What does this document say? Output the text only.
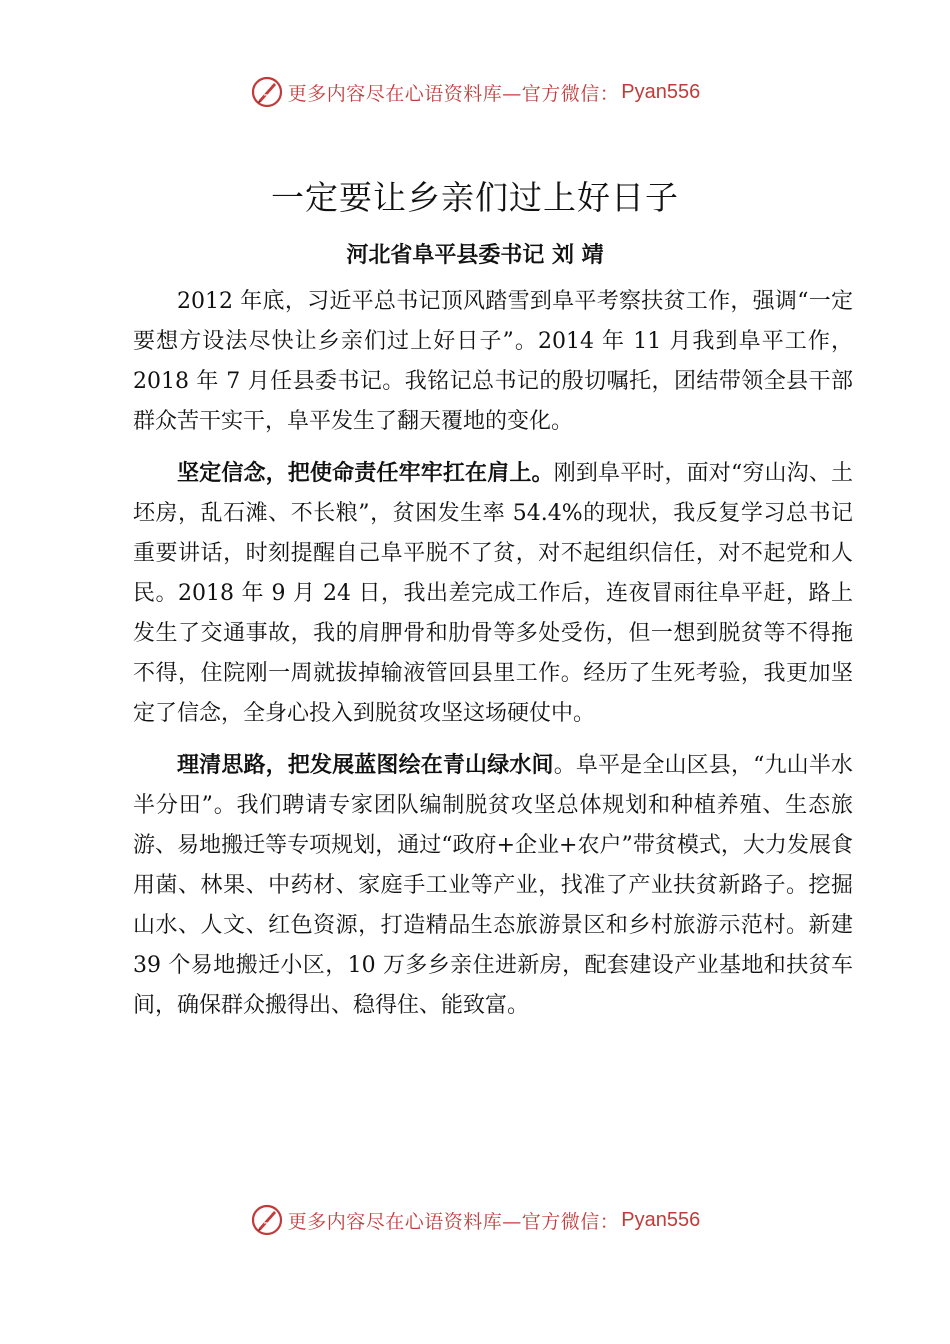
更多内容尽在心语资料库—官方微信： Pyan556
一定要让乡亲们过上好日子

河北省阜平县委书记 刘 靖

2012 年底，习近平总书记顶风踏雪到阜平考察扶贫工作，强调“一定要想方设法尽快让乡亲们过上好日子”。2014 年 11 月我到阜平工作，2018 年 7 月任县委书记。我铭记总书记的殷切嘱托，团结带领全县干部群众苦干实干，阜平发生了翻天覆地的变化。

坚定信念，把使命责任牢牢扛在肩上。刚到阜平时，面对“穷山沟、土坯房，乱石滩、不长粮”，贫困发生率 54.4%的现状，我反复学习总书记重要讲话，时刻提醒自己阜平脱不了贫，对不起组织信任，对不起党和人民。2018 年 9 月 24 日，我出差完成工作后，连夜冒雨往阜平赶，路上发生了交通事故，我的肩胛骨和肋骨等多处受伤，但一想到脱贫等不得拖不得，住院刚一周就拔掉输液管回县里工作。经历了生死考验，我更加坚定了信念，全身心投入到脱贫攻坚这场硬仗中。

理清思路，把发展蓝图绘在青山绿水间。阜平是全山区县，“九山半水半分田”。我们聘请专家团队编制脱贫攻坚总体规划和种植养殖、生态旅游、易地搬迁等专项规划，通过“政府+企业+农户”带贫模式，大力发展食用菌、林果、中药材、家庭手工业等产业，找准了产业扶贫新路子。挖掘山水、人文、红色资源，打造精品生态旅游景区和乡村旅游示范村。新建 39 个易地搬迁小区，10 万多乡亲住进新房，配套建设产业基地和扶贫车间，确保群众搬得出、稳得住、能致富。

更多内容尽在心语资料库—官方微信： Pyan556
